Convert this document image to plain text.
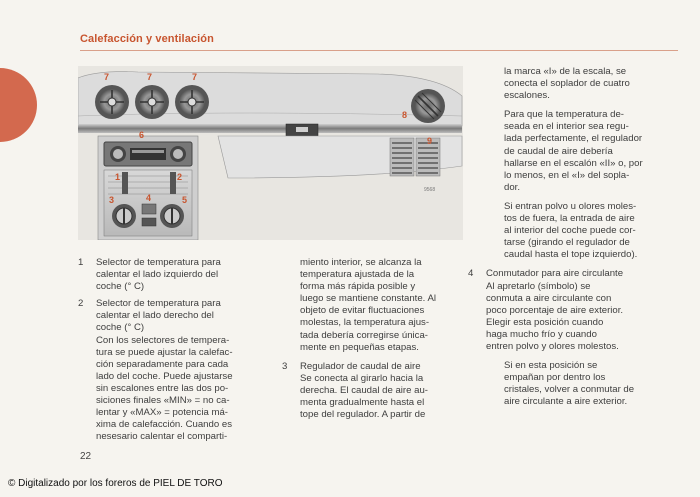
Calefacción y ventilación
7	7	7
6
8
9
1	2
3	4	5
9568
1 Selector de temperatura para
calentar el lado izquierdo del
coche (° C)
2 Selector de temperatura para
calentar el lado derecho del
coche (° C)
Con los selectores de tempera-
tura se puede ajustar la calefac-
ción separadamente para cada
lado del coche. Puede ajustarse
sin escalones entre las dos po-
siciones finales «MIN» = no ca-
lentar y «MAX» = potencia má-
xima de calefacción. Cuando es
nesesario calentar el comparti-
miento interior, se alcanza la
temperatura ajustada de la
forma más rápida posible y
luego se mantiene constante. Al
objeto de evitar fluctuaciones
molestas, la temperatura ajus-
tada debería corregirse única-
mente en pequeñas etapas.
3 Regulador de caudal de aire
Se conecta al girarlo hacia la
derecha. El caudal de aire au-
menta gradualmente hasta el
tope del regulador. A partir de
la marca «I» de la escala, se
conecta el soplador de cuatro
escalones.
Para que la temperatura de-
seada en el interior sea regu-
lada perfectamente, el regulador
de caudal de aire debería
hallarse en el escalón «II» o, por
lo menos, en el «I» del sopla-
dor.
Si entran polvo u olores moles-
tos de fuera, la entrada de aire
al interior del coche puede cor-
tarse (girando el regulador de
caudal hasta el tope izquierdo).
4 Conmutador para aire circulante
Al apretarlo (símbolo) se
conmuta a aire circulante con
poco porcentaje de aire exterior.
Elegir esta posición cuando
haga mucho frío y cuando
entren polvo y olores molestos.
Si en esta posición se
empañan por dentro los
cristales, volver a conmutar de
aire circulante a aire exterior.
22
© Digitalizado por los foreros de PIEL DE TORO
